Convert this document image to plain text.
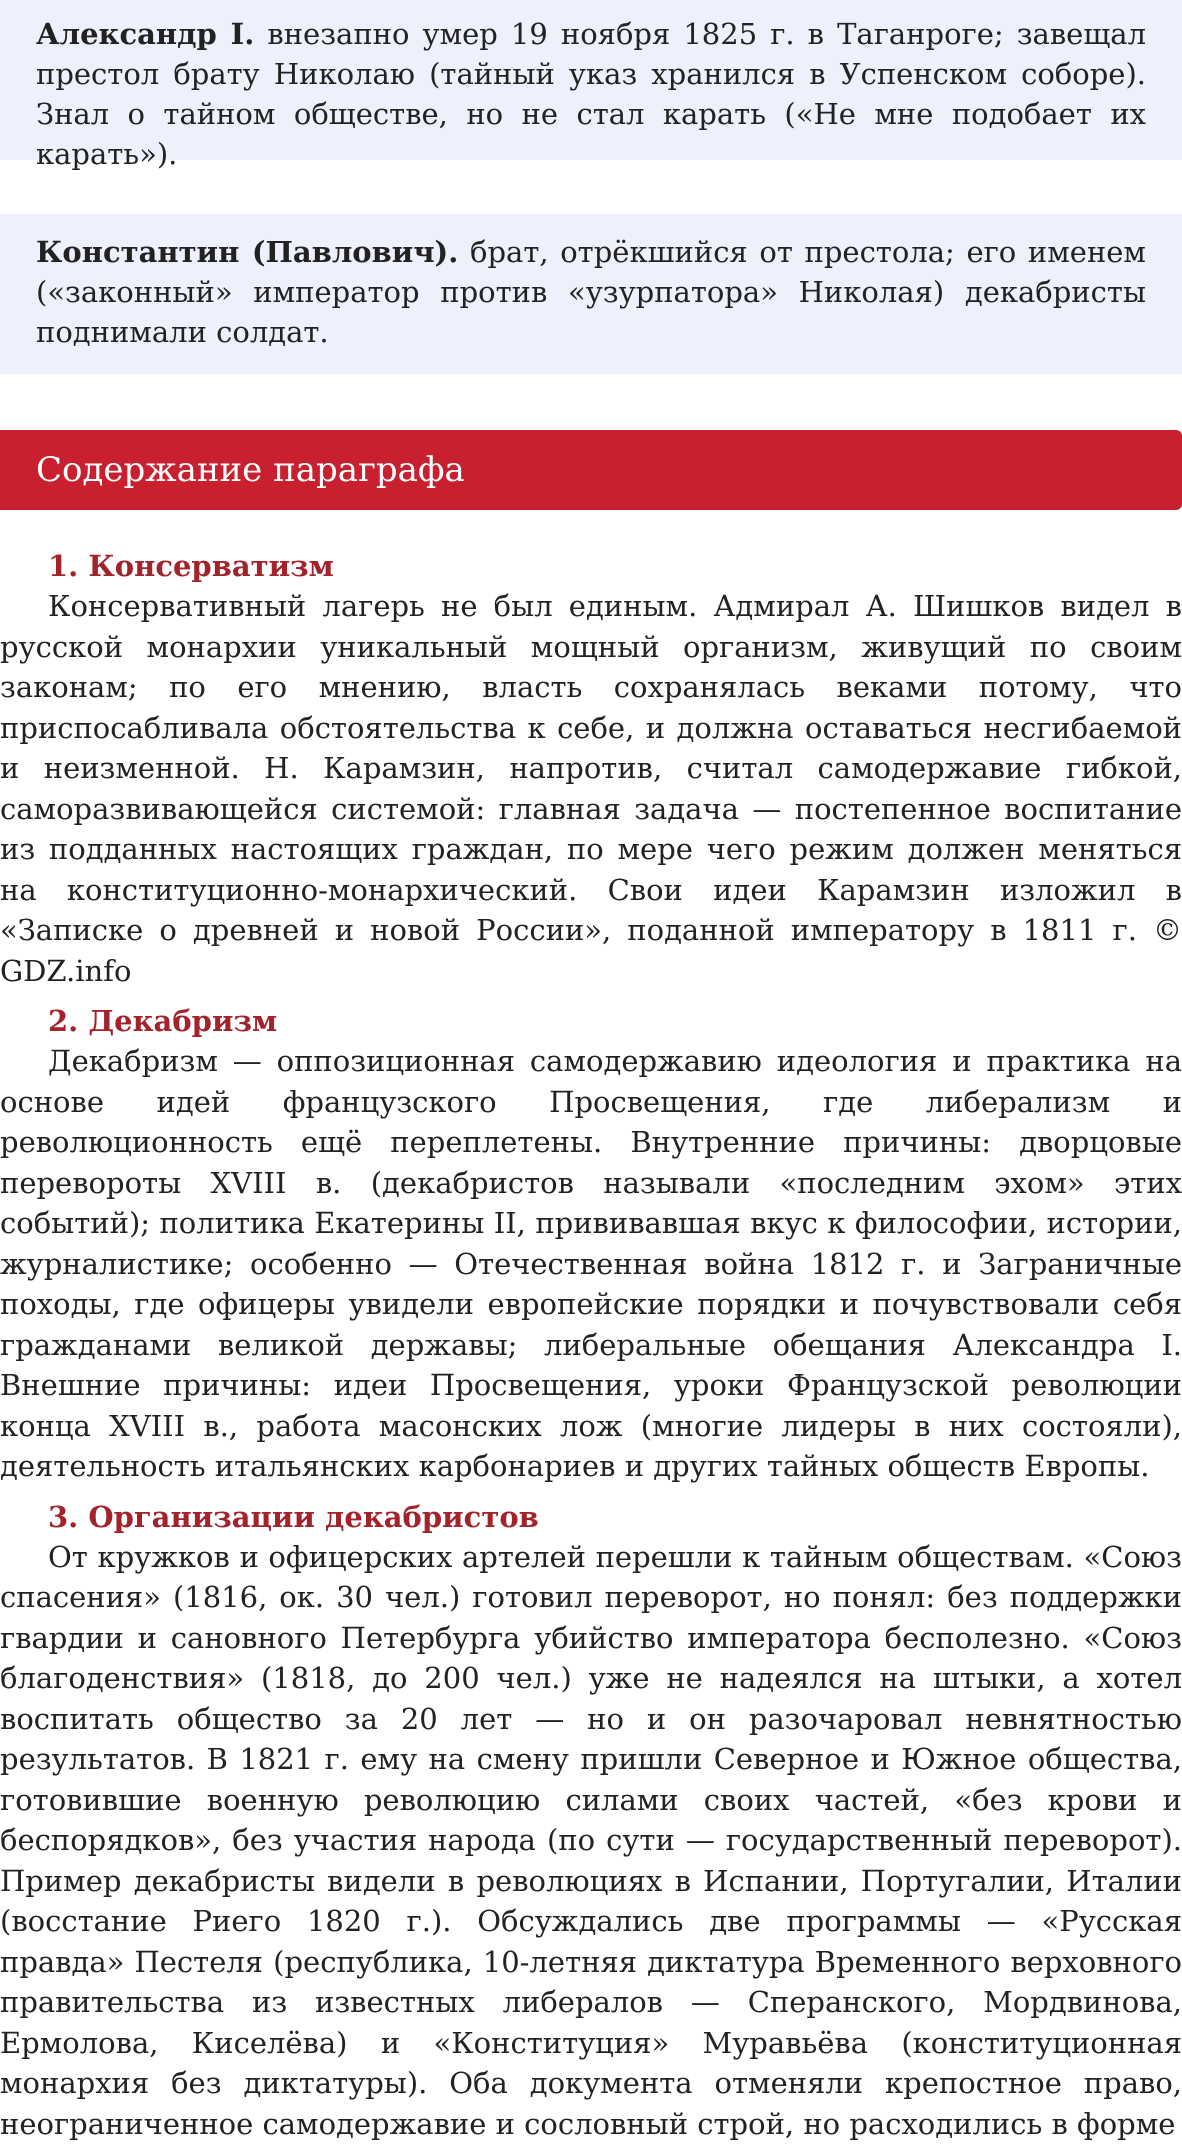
Александр I. внезапно умер 19 ноября 1825 г. в Таганроге; завещал престол брату Николаю (тайный указ хранился в Успенском соборе). Знал о тайном обществе, но не стал карать («Не мне подобает их карать»).
Константин (Павлович). брат, отрёкшийся от престола; его именем («законный» император против «узурпатора» Николая) декабристы поднимали солдат.
Содержание параграфа
1. Консерватизм

Консервативный лагерь не был единым. Адмирал А. Шишков видел в русской монархии уникальный мощный организм, живущий по своим законам; по его мнению, власть сохранялась веками потому, что приспосабливала обстоятельства к себе, и должна оставаться несгибаемой и неизменной. Н. Карамзин, напротив, считал самодержавие гибкой, саморазвивающейся системой: главная задача — постепенное воспитание из подданных настоящих граждан, по мере чего режим должен меняться на конституционно-монархический. Свои идеи Карамзин изложил в «Записке о древней и новой России», поданной императору в 1811 г. © GDZ.info

2. Декабризм

Декабризм — оппозиционная самодержавию идеология и практика на основе идей французского Просвещения, где либерализм и революционность ещё переплетены. Внутренние причины: дворцовые перевороты XVIII в. (декабристов называли «последним эхом» этих событий); политика Екатерины II, прививавшая вкус к философии, истории, журналистике; особенно — Отечественная война 1812 г. и Заграничные походы, где офицеры увидели европейские порядки и почувствовали себя гражданами великой державы; либеральные обещания Александра I. Внешние причины: идеи Просвещения, уроки Французской революции конца XVIII в., работа масонских лож (многие лидеры в них состояли), деятельность итальянских карбонариев и других тайных обществ Европы.

3. Организации декабристов

От кружков и офицерских артелей перешли к тайным обществам. «Союз спасения» (1816, ок. 30 чел.) готовил переворот, но понял: без поддержки гвардии и сановного Петербурга убийство императора бесполезно. «Союз благоденствия» (1818, до 200 чел.) уже не надеялся на штыки, а хотел воспитать общество за 20 лет — но и он разочаровал невнятностью результатов. В 1821 г. ему на смену пришли Северное и Южное общества, готовившие военную революцию силами своих частей, «без крови и беспорядков», без участия народа (по сути — государственный переворот). Пример декабристы видели в революциях в Испании, Португалии, Италии (восстание Риего 1820 г.). Обсуждались две программы — «Русская правда» Пестеля (республика, 10-летняя диктатура Временного верховного правительства из известных либералов — Сперанского, Мордвинова, Ермолова, Киселёва) и «Конституция» Муравьёва (конституционная монархия без диктатуры). Оба документа отменяли крепостное право, неограниченное самодержавие и сословный строй, но расходились в форме
